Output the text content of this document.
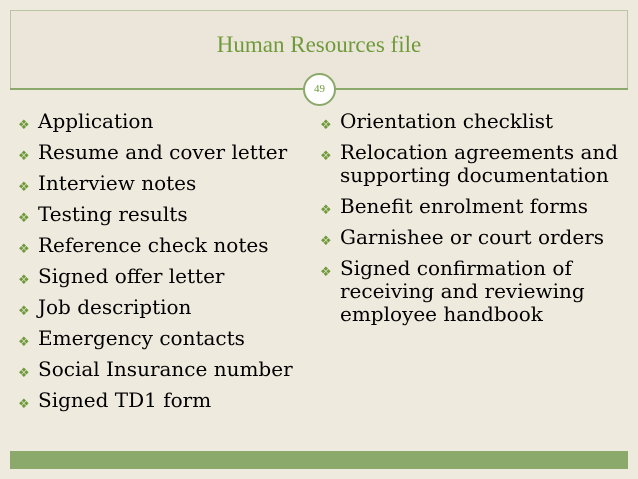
Human Resources file
49
❖ Application
❖ Resume and cover letter
❖ Interview notes
❖ Testing results
❖ Reference check notes
❖ Signed offer letter
❖ Job description
❖ Emergency contacts
❖ Social Insurance number
❖ Signed TD1 form
❖ Orientation checklist
❖ Relocation agreements and supporting documentation
❖ Benefit enrolment forms
❖ Garnishee or court orders
❖ Signed confirmation of receiving and reviewing employee handbook
